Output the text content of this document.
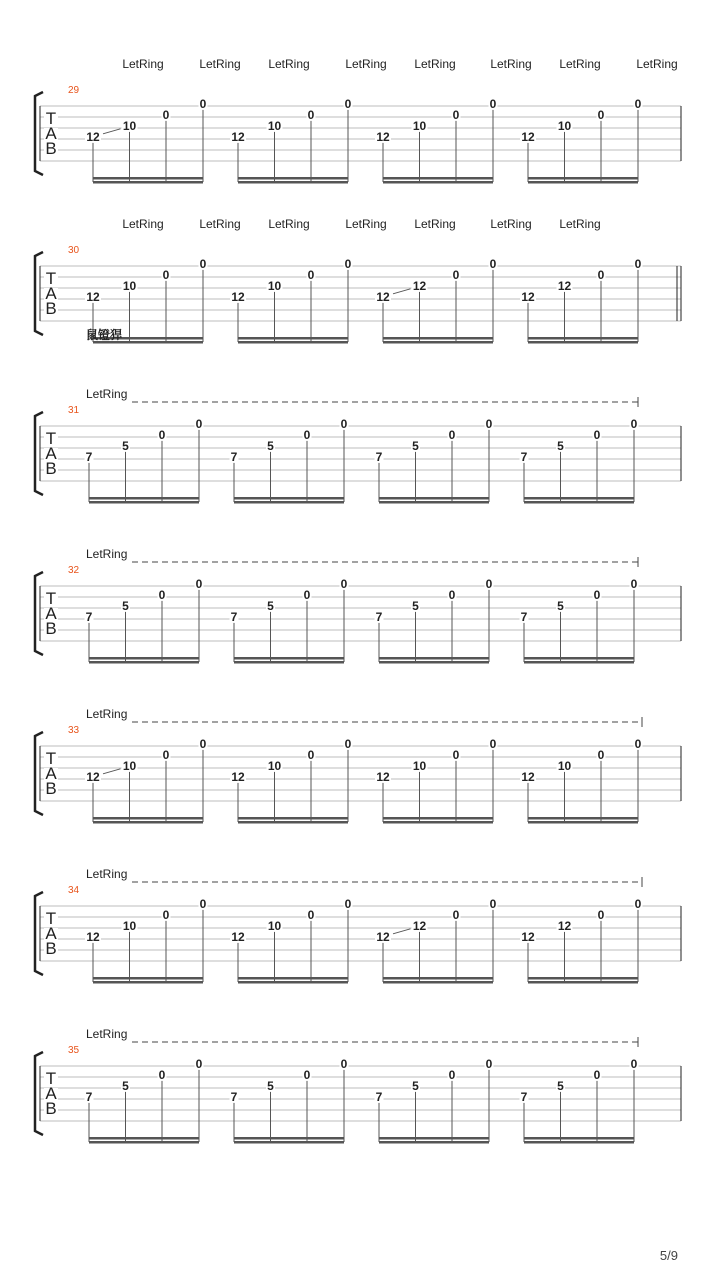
T
A
B
29
LetRing	LetRing LetRing	LetRing LetRing	LetRing LetRing	LetRing
12
10
0
0
12
10
0
0
12
10
0
0
12
10
0
0
T
A
B
30
LetRing	LetRing LetRing	LetRing LetRing	LetRing LetRing
12
10
0
0
12
10
0
0
12
12
0
0
12
12
0
0
T
A
B
31
鼠镫猂
LetRing
7
5
0
0
7
5
0
0
7
5
0
0
7
5
0
0
T
A
B
32
LetRing
7
5
0
0
7
5
0
0
7
5
0
0
7
5
0
0
T
A
B
33
LetRing
12
10
0
0
12
10
0
0
12
10
0
0
12
10
0
0
T
A
B
34
LetRing
12
10
0
0
12
10
0
0
12
12
0
0
12
12
0
0
T
A
B
35
LetRing
7
5
0
0
7
5
0
0
7
5
0
0
7
5
0
0
5/9
